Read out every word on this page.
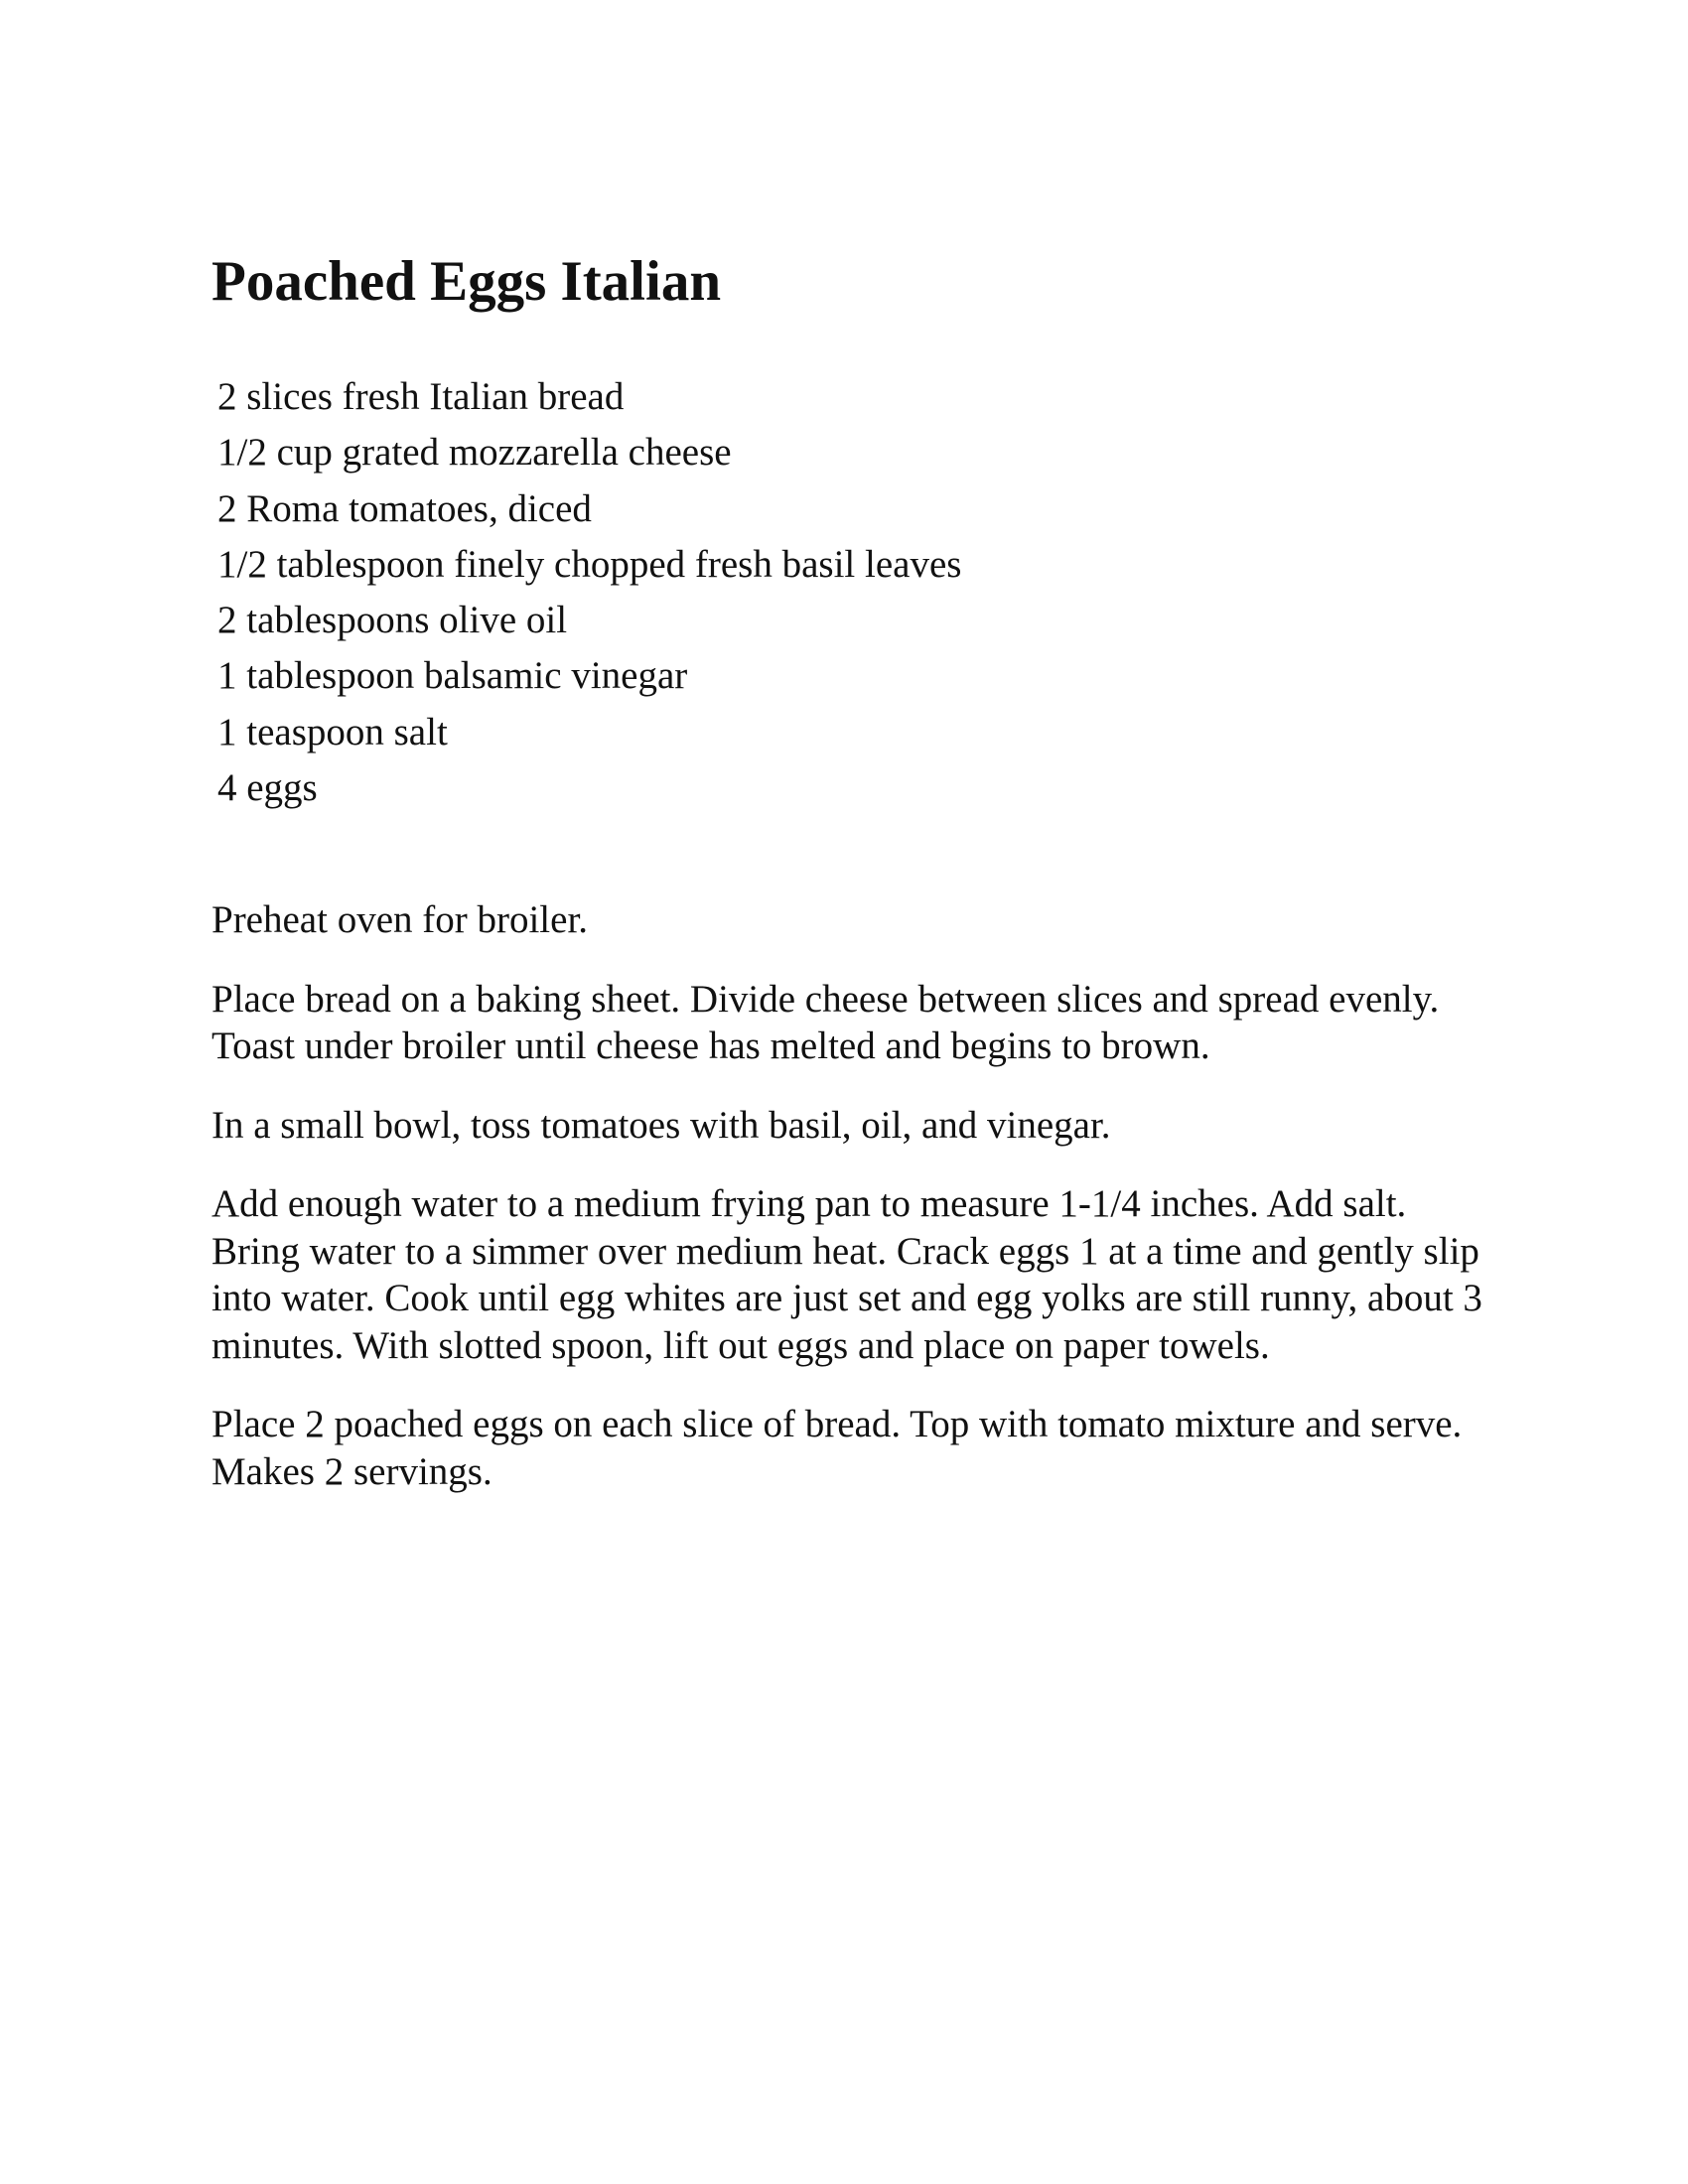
Poached Eggs Italian
2 slices fresh Italian bread
1/2 cup grated mozzarella cheese
2 Roma tomatoes, diced
1/2 tablespoon finely chopped fresh basil leaves
2 tablespoons olive oil
1 tablespoon balsamic vinegar
1 teaspoon salt
4 eggs

Preheat oven for broiler.

Place bread on a baking sheet. Divide cheese between slices and spread evenly. Toast under broiler until cheese has melted and begins to brown.

In a small bowl, toss tomatoes with basil, oil, and vinegar.

Add enough water to a medium frying pan to measure 1-1/4 inches. Add salt. Bring water to a simmer over medium heat. Crack eggs 1 at a time and gently slip into water. Cook until egg whites are just set and egg yolks are still runny, about 3 minutes. With slotted spoon, lift out eggs and place on paper towels.

Place 2 poached eggs on each slice of bread. Top with tomato mixture and serve. Makes 2 servings.
